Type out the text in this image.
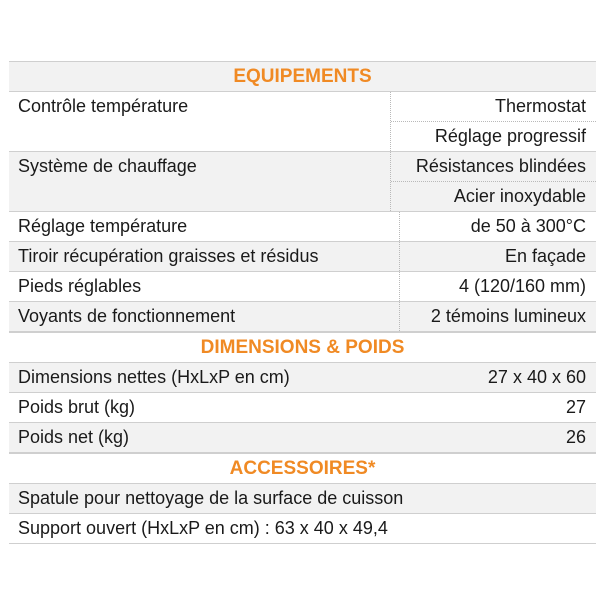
EQUIPEMENTS
Contrôle température	Thermostat
Réglage progressif
Système de chauffage	Résistances blindées
Acier inoxydable
Réglage température	de 50 à 300°C
Tiroir récupération graisses et résidus	En façade
Pieds réglables	4 (120/160 mm)
Voyants de fonctionnement	2 témoins lumineux
DIMENSIONS & POIDS
Dimensions nettes (HxLxP en cm)	27 x 40 x 60
Poids brut (kg)	27
Poids net (kg)	26
ACCESSOIRES*
Spatule pour nettoyage de la surface de cuisson
Support ouvert (HxLxP en cm) : 63 x 40 x 49,4
